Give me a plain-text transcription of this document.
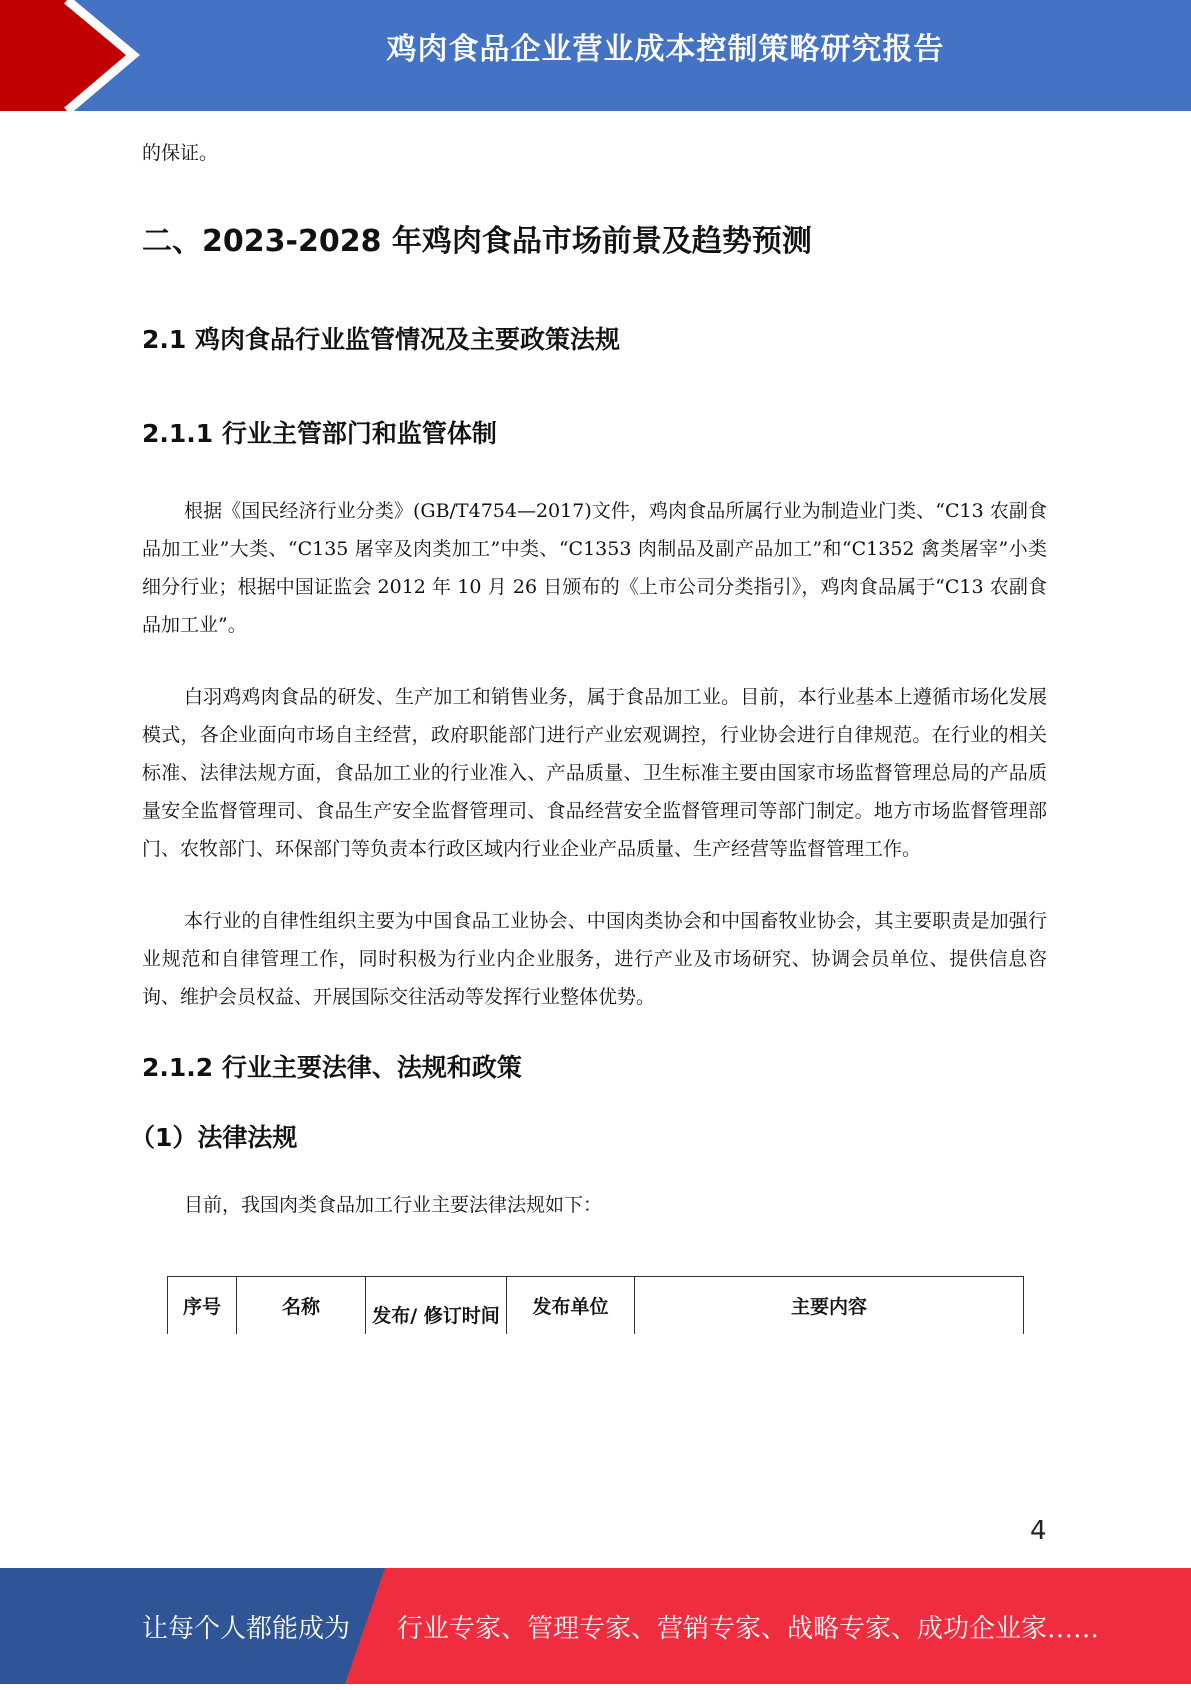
鸡肉食品企业营业成本控制策略研究报告

的保证。

二、2023-2028 年鸡肉食品市场前景及趋势预测
2.1 鸡肉食品行业监管情况及主要政策法规
2.1.1 行业主管部门和监管体制

根据《国民经济行业分类》(GB/T4754—2017)文件，鸡肉食品所属行业为制造业门类、“C13 农副食品加工业”大类、“C135 屠宰及肉类加工”中类、“C1353 肉制品及副产品加工”和“C1352 禽类屠宰”小类细分行业；根据中国证监会 2012 年 10 月 26 日颁布的《上市公司分类指引》，鸡肉食品属于“C13 农副食品加工业”。

白羽鸡鸡肉食品的研发、生产加工和销售业务，属于食品加工业。目前，本行业基本上遵循市场化发展模式，各企业面向市场自主经营，政府职能部门进行产业宏观调控，行业协会进行自律规范。在行业的相关标准、法律法规方面，食品加工业的行业准入、产品质量、卫生标准主要由国家市场监督管理总局的产品质量安全监督管理司、食品生产安全监督管理司、食品经营安全监督管理司等部门制定。地方市场监督管理部门、农牧部门、环保部门等负责本行政区域内行业企业产品质量、生产经营等监督管理工作。

本行业的自律性组织主要为中国食品工业协会、中国肉类协会和中国畜牧业协会，其主要职责是加强行业规范和自律管理工作，同时积极为行业内企业服务，进行产业及市场研究、协调会员单位、提供信息咨询、维护会员权益、开展国际交往活动等发挥行业整体优势。

2.1.2 行业主要法律、法规和政策
（1）法律法规

目前，我国肉类食品加工行业主要法律法规如下：

序号	名称	发布/ 修订时间	发布单位	主要内容
4
让每个人都能成为 行业专家、管理专家、营销专家、战略专家、成功企业家……
